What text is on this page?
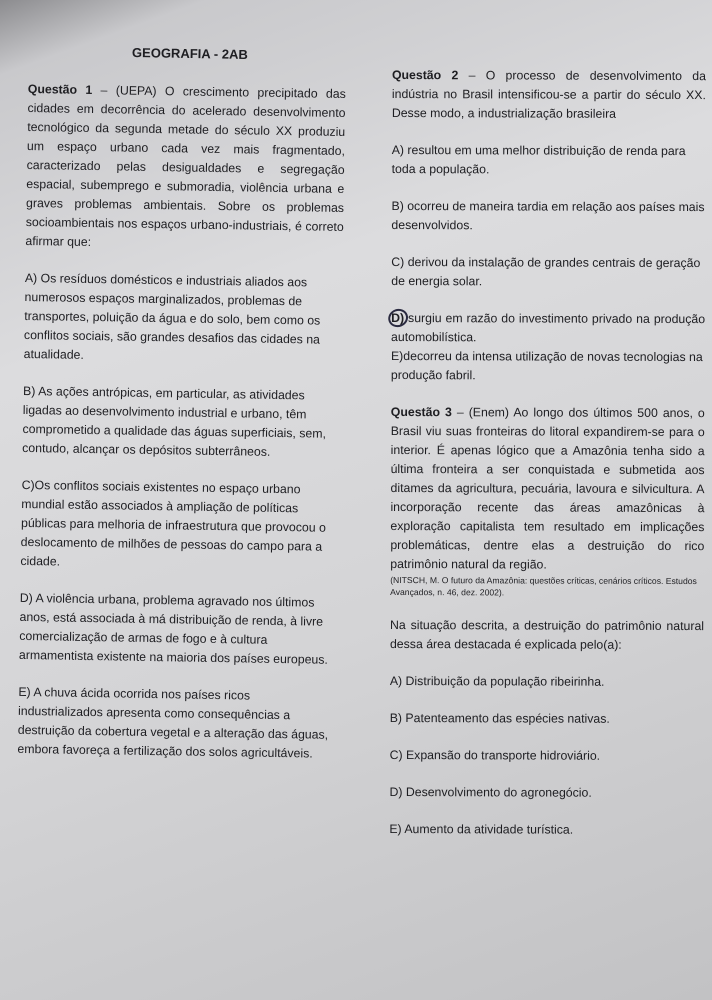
GEOGRAFIA - 2AB

Questão 1 – (UEPA) O crescimento precipitado das cidades em decorrência do acelerado desenvolvimento tecnológico da segunda metade do século XX produziu um espaço urbano cada vez mais fragmentado, caracterizado pelas desigualdades e segregação espacial, subemprego e submoradia, violência urbana e graves problemas ambientais. Sobre os problemas socioambientais nos espaços urbano-industriais, é correto afirmar que:

A) Os resíduos domésticos e industriais aliados aos numerosos espaços marginalizados, problemas de transportes, poluição da água e do solo, bem como os conflitos sociais, são grandes desafios das cidades na atualidade.

B) As ações antrópicas, em particular, as atividades ligadas ao desenvolvimento industrial e urbano, têm comprometido a qualidade das águas superficiais, sem, contudo, alcançar os depósitos subterrâneos.

C)Os conflitos sociais existentes no espaço urbano mundial estão associados à ampliação de políticas públicas para melhoria de infraestrutura que provocou o deslocamento de milhões de pessoas do campo para a cidade.

D) A violência urbana, problema agravado nos últimos anos, está associada à má distribuição de renda, à livre comercialização de armas de fogo e à cultura armamentista existente na maioria dos países europeus.

E) A chuva ácida ocorrida nos países ricos industrializados apresenta como consequências a destruição da cobertura vegetal e a alteração das águas, embora favoreça a fertilização dos solos agricultáveis.

Questão 2 – O processo de desenvolvimento da indústria no Brasil intensificou-se a partir do século XX. Desse modo, a industrialização brasileira

A) resultou em uma melhor distribuição de renda para toda a população.

B) ocorreu de maneira tardia em relação aos países mais desenvolvidos.

C) derivou da instalação de grandes centrais de geração de energia solar.

D) surgiu em razão do investimento privado na produção automobilística.

E)decorreu da intensa utilização de novas tecnologias na produção fabril.

Questão 3 – (Enem) Ao longo dos últimos 500 anos, o Brasil viu suas fronteiras do litoral expandirem-se para o interior. É apenas lógico que a Amazônia tenha sido a última fronteira a ser conquistada e submetida aos ditames da agricultura, pecuária, lavoura e silvicultura. A incorporação recente das áreas amazônicas à exploração capitalista tem resultado em implicações problemáticas, dentre elas a destruição do rico patrimônio natural da região.

(NITSCH, M. O futuro da Amazônia: questões críticas, cenários críticos. Estudos Avançados, n. 46, dez. 2002).

Na situação descrita, a destruição do patrimônio natural dessa área destacada é explicada pelo(a):

A) Distribuição da população ribeirinha.

B) Patenteamento das espécies nativas.

C) Expansão do transporte hidroviário.

D) Desenvolvimento do agronegócio.

E) Aumento da atividade turística.
